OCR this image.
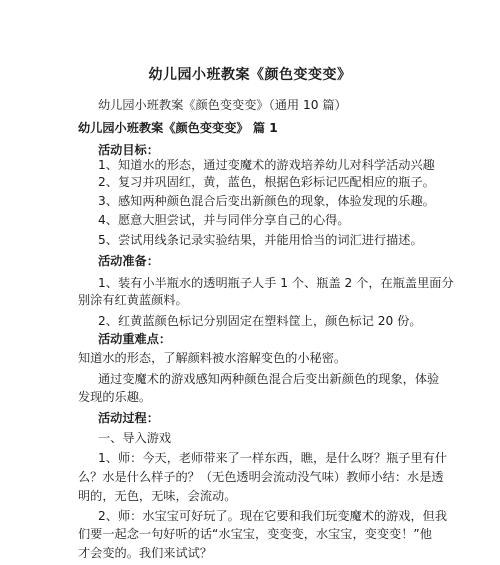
幼儿园小班教案《颜色变变变》
幼儿园小班教案《颜色变变变》（通用 10 篇）
幼儿园小班教案《颜色变变变》 篇 1
活动目标：
1、知道水的形态，通过变魔术的游戏培养幼儿对科学活动兴趣
2、复习并巩固红，黄，蓝色，根据色彩标记匹配相应的瓶子。
3、感知两种颜色混合后变出新颜色的现象，体验发现的乐趣。
4、愿意大胆尝试，并与同伴分享自己的心得。
5、尝试用线条记录实验结果，并能用恰当的词汇进行描述。
活动准备：
1、装有小半瓶水的透明瓶子人手 1 个、瓶盖 2 个，在瓶盖里面分
别涂有红黄蓝颜料。
2、红黄蓝颜色标记分别固定在塑料筐上，颜色标记 20 份。
活动重难点：
知道水的形态，了解颜料被水溶解变色的小秘密。
通过变魔术的游戏感知两种颜色混合后变出新颜色的现象，体验
发现的乐趣。
活动过程：
一、导入游戏
1、师：今天，老师带来了一样东西，瞧，是什么呀？瓶子里有什
么？水是什么样子的？（无色透明会流动没气味）教师小结：水是透
明的，无色，无味，会流动。
2、师：水宝宝可好玩了。现在它要和我们玩变魔术的游戏，但我
们要一起念一句好听的话“水宝宝，变变变，水宝宝，变变变！”他
才会变的。我们来试试？
